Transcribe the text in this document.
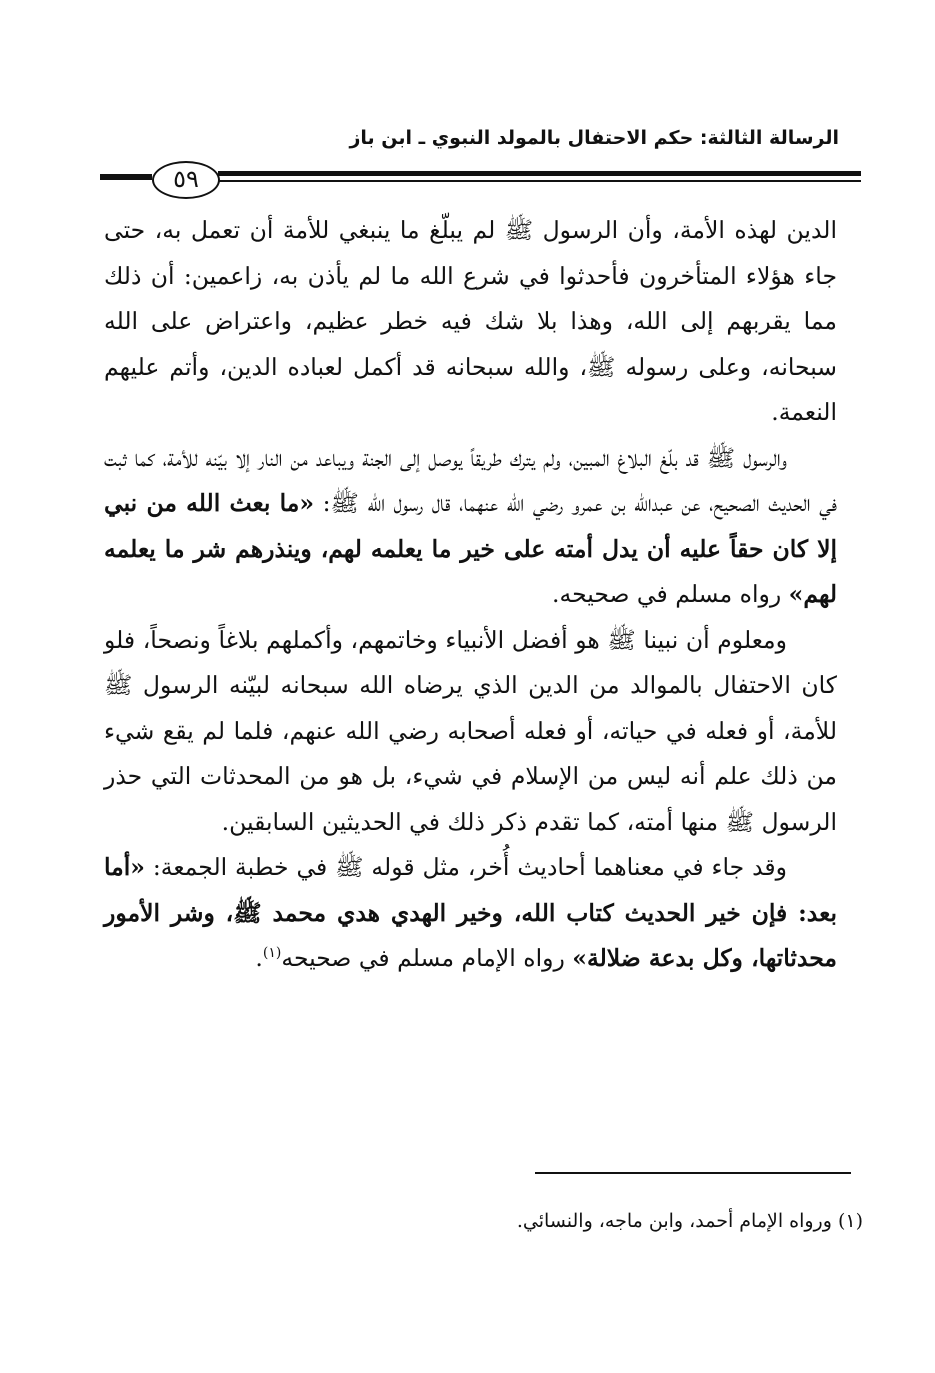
الرسالة الثالثة: حكم الاحتفال بالمولد النبوي ـ ابن باز
٥٩

الدين لهذه الأمة، وأن الرسول ﷺ لم يبلّغ ما ينبغي للأمة أن تعمل به، حتى جاء هؤلاء المتأخرون فأحدثوا في شرع الله ما لم يأذن به، زاعمين: أن ذلك مما يقربهم إلى الله، وهذا بلا شك فيه خطر عظيم، واعتراض على الله سبحانه، وعلى رسوله ﷺ، والله سبحانه قد أكمل لعباده الدين، وأتم عليهم النعمة.

والرسول ﷺ قد بلّغ البلاغ المبين، ولم يترك طريقاً يوصل إلى الجنة ويباعد من النار إلا بيّنه للأمة، كما ثبت في الحديث الصحيح، عن عبدالله بن عمرو رضي الله عنهما، قال رسول الله ﷺ: «ما بعث الله من نبي إلا كان حقاً عليه أن يدل أمته على خير ما يعلمه لهم، وينذرهم شر ما يعلمه لهم» رواه مسلم في صحيحه.

ومعلوم أن نبينا ﷺ هو أفضل الأنبياء وخاتمهم، وأكملهم بلاغاً ونصحاً، فلو كان الاحتفال بالموالد من الدين الذي يرضاه الله سبحانه لبيّنه الرسول ﷺ للأمة، أو فعله في حياته، أو فعله أصحابه رضي الله عنهم، فلما لم يقع شيء من ذلك علم أنه ليس من الإسلام في شيء، بل هو من المحدثات التي حذر الرسول ﷺ منها أمته، كما تقدم ذكر ذلك في الحديثين السابقين.

وقد جاء في معناهما أحاديث أُخر، مثل قوله ﷺ في خطبة الجمعة: «أما بعد: فإن خير الحديث كتاب الله، وخير الهدي هدي محمد ﷺ، وشر الأمور محدثاتها، وكل بدعة ضلالة» رواه الإمام مسلم في صحيحه$^{(١)}$.

(١) ورواه الإمام أحمد، وابن ماجه، والنسائي.
